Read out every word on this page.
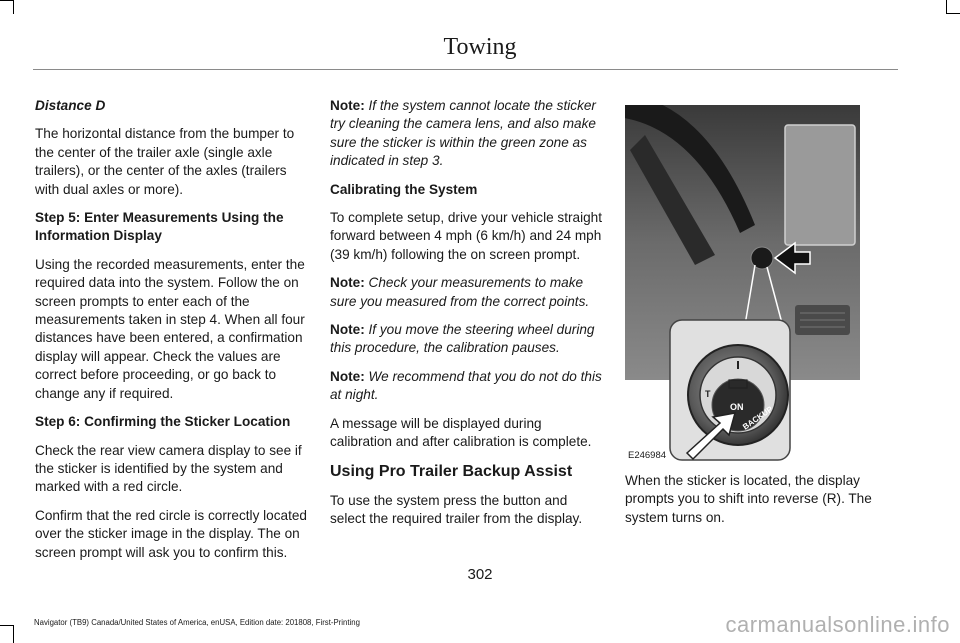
Towing

Distance D

The horizontal distance from the bumper to the center of the trailer axle (single axle trailers), or the center of the axles (trailers with dual axles or more).

Step 5: Enter Measurements Using the Information Display

Using the recorded measurements, enter the required data into the system. Follow the on screen prompts to enter each of the measurements taken in step 4. When all four distances have been entered, a confirmation display will appear. Check the values are correct before proceeding, or go back to change any if required.

Step 6: Confirming the Sticker Location

Check the rear view camera display to see if the sticker is identified by the system and marked with a red circle.

Confirm that the red circle is correctly located over the sticker image in the display. The on screen prompt will ask you to confirm this.

Note: If the system cannot locate the sticker try cleaning the camera lens, and also make sure the sticker is within the green zone as indicated in step 3.

Calibrating the System

To complete setup, drive your vehicle straight forward between 4 mph (6 km/h) and 24 mph (39 km/h) following the on screen prompt.

Note: Check your measurements to make sure you measured from the correct points.

Note: If you move the steering wheel during this procedure, the calibration pauses.

Note: We recommend that you do not do this at night.

A message will be displayed during calibration and after calibration is complete.

Using Pro Trailer Backup Assist

To use the system press the button and select the required trailer from the display.

T
ON
BACKUP
E246984

When the sticker is located, the display prompts you to shift into reverse (R). The system turns on.

302
Navigator (TB9) Canada/United States of America, enUSA, Edition date: 201808, First-Printing	carmanualsonline.info
